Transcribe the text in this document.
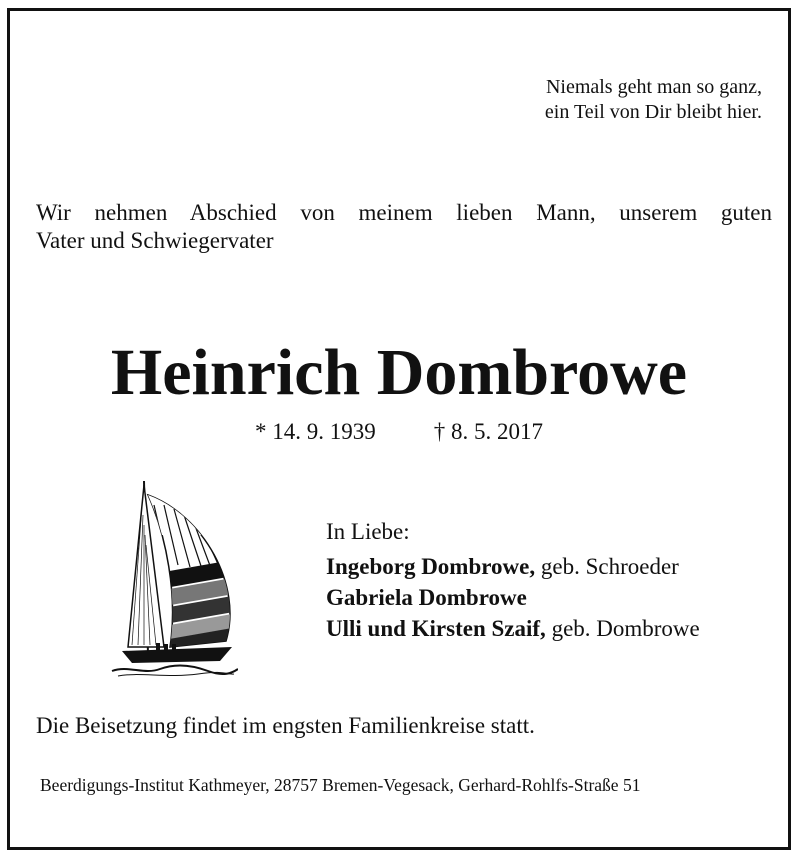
Niemals geht man so ganz,
ein Teil von Dir bleibt hier.
Wir nehmen Abschied von meinem lieben Mann, unserem guten
Vater und Schwiegervater
Heinrich Dombrowe
* 14. 9. 1939	† 8. 5. 2017
In Liebe:
Ingeborg Dombrowe, geb. Schroeder
Gabriela Dombrowe
Ulli und Kirsten Szaif, geb. Dombrowe
Die Beisetzung findet im engsten Familienkreise statt.
Beerdigungs-Institut Kathmeyer, 28757 Bremen-Vegesack, Gerhard-Rohlfs-Straße 51
